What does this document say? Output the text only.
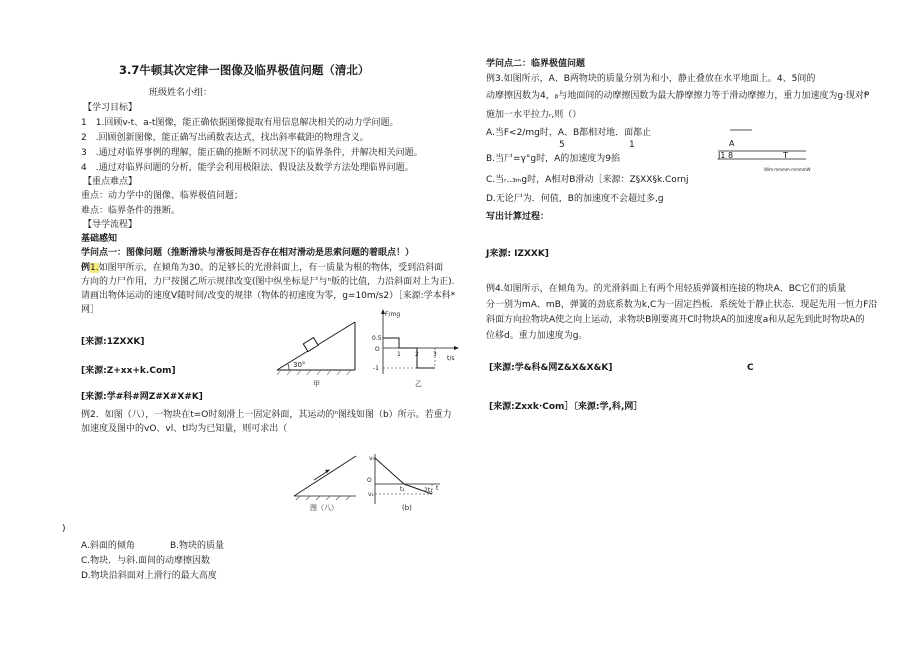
3.7牛顿其次定律一图像及临界极值问题（清北）
班级姓名小组：
【学习目标】
1　1.回顾v-t、a-t图像，能正确依据图像提取有用信息解决相关的动力学问题。
2　.回顾创新图像，能正确写出函数表达式，找出斜率截距的物理含义。
3　.通过对临界事例的理解，能正确的推断不同状况下的临界条件，并解决相关问题。
4　.通过对临界问题的分析，能学会利用极限法、假设法及数学方法处理临界问题。
【重点难点】
重点：动力学中的图像、临界极值问题；
难点：临界条件的推断。
【导学流程】
基础感知
学问点一：图像问题（推断滑块与滑板间是否存在相对滑动是思索问题的着眼点！）
例1.如图甲所示，在倾角为30。的足够长的光滑斜面上，有一质量为根的物体，受到沿斜面
方向的力尸作用，力尸按图乙所示规律改变(图中纵坐标是尸与ⁿ版的比值，力沿斜面对上为正).
请画出物体运动的速度V随时间/改变的规律（物体的初速度为零，g=10m/s2）［来源:学本科*
网］
[来源:1ZXXK]
[来源:Z+xx+k.Com]
[来源:学#科#网Z#X#X#K]
30°
甲
F/mg
0.5
O
-1
1 2 3
t/s
乙
例2．如图（八），一物块在t=O时刻滑上一固定斜面，其运动的ⁿ图线如图（b）所示。若重力
加速度及图中的vO、vl、tl均为已知量，则可求出（
图（八）
v₀
O
v₁
t₁	2t₁ t
(b)
)
A.斜面的倾角	B.物块的质量
C.物块．与斜.面间的动摩擦因数
D.物块沿斜面对上滑行的最大高度
学问点二：临界极值问题
例3.如图所示，A、B两物块的质量分别为和小，静止叠放在水平地面上。4、5间的
动摩擦因数为4，ᵦ与地面间的动摩擦因数为最大静摩擦力等于滑动摩擦力，重力加速度为g·现对Ᵽ
施加一水平拉力ᵣ,则（）
A.当F<2/mg时，A、B都相对地．面都止
5	1
B.当尸=γ°g时，A的加速度为9掐
C.当ᵣ..₃ₘg时，A相对B滑动［来源：Z§XX§k.Cornj
D.无论尸为．何值，B的加速度不会超过多,g
写出计算过程：
A
J1 8	T
Wlm·mmmm·mmmmW
J来源: IZXXK]
例4.如图所示，在倾角为。的光滑斜面上有两个用轻质弹簧相连接的物块A、BC它们的质量
分一别为mA、mB，弹簧的劲底系数为k,C为一固定挡板．系统处于静止状态．现起先用一恒力F沿
斜面方向拉物块A使之向上运动，求物块B刚要离开C时物块A的加速度a和从起先到此时物块A的
位移d。重力加速度为g。
[来源:学&科&网Z&X&X&K]	C
[来源:Zxxk·Com］〔来源:学,科,网］
